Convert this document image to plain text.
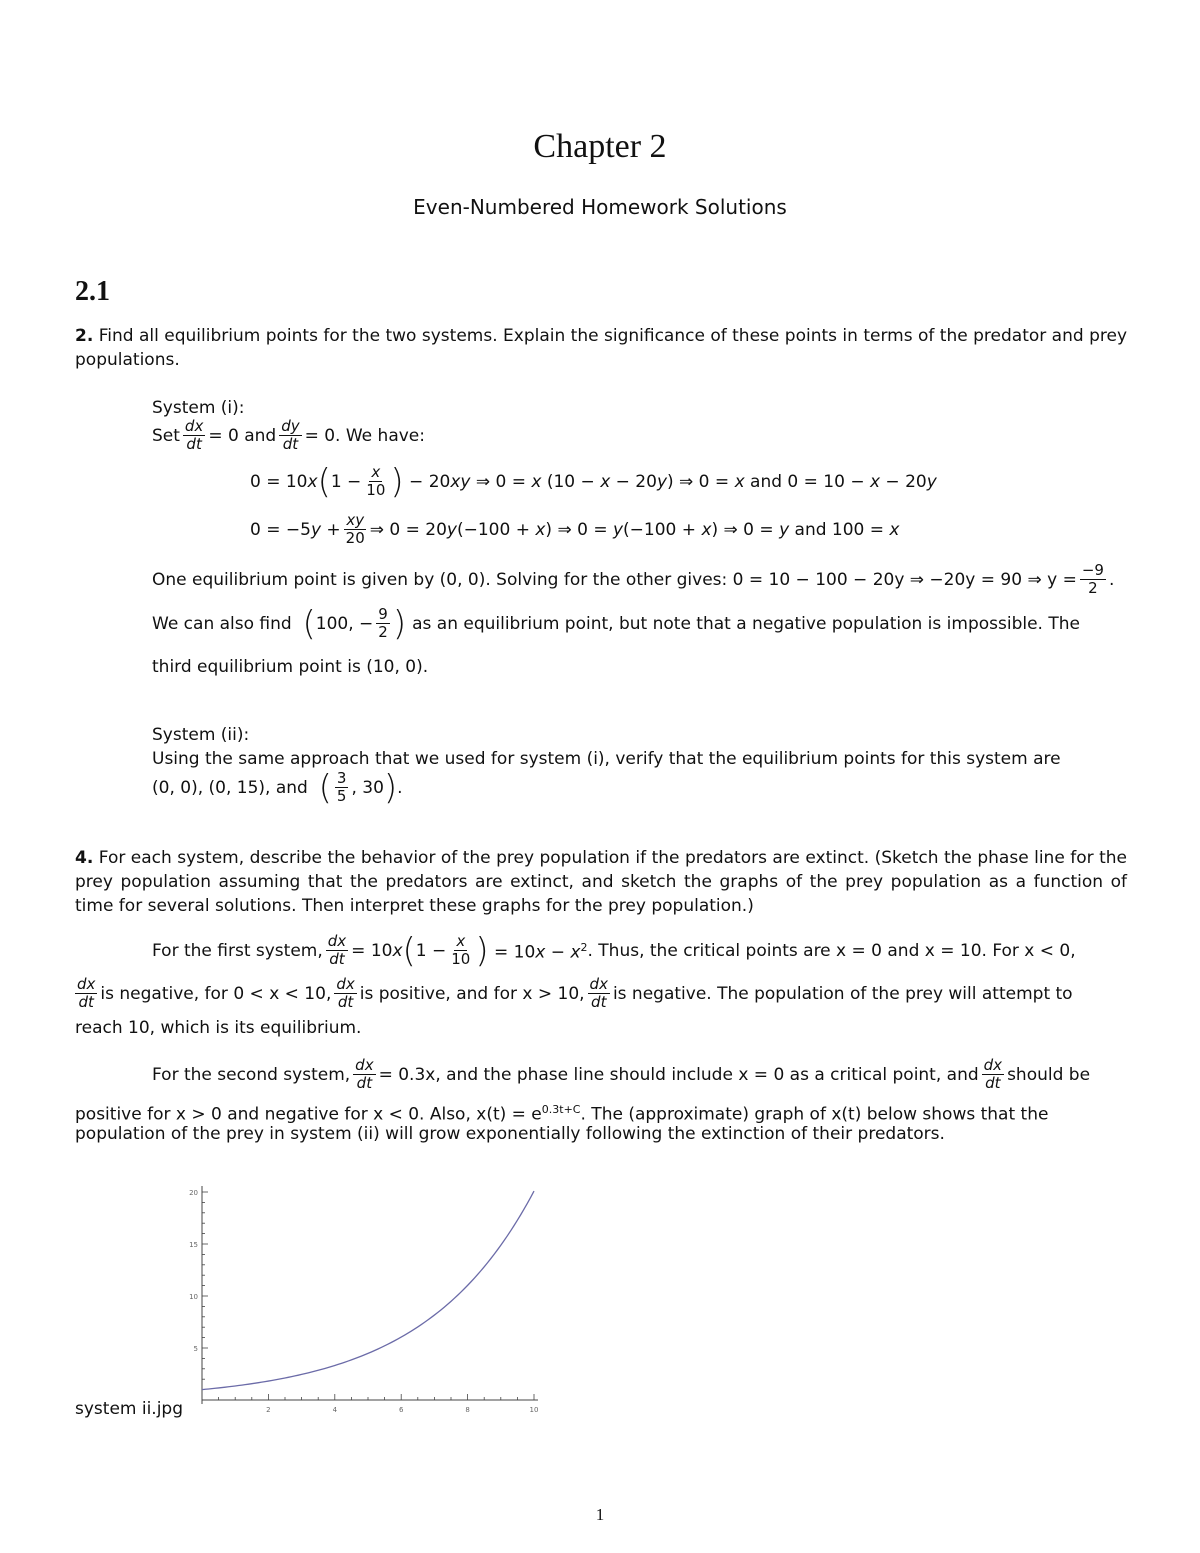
Chapter 2
Even-Numbered Homework Solutions
2.1
2. Find all equilibrium points for the two systems. Explain the significance of these points in terms of the predator and prey populations.
System (i):
Set $\frac{dx}{dt} = 0$ and $\frac{dy}{dt} = 0$. We have:
0 = 10x ( $1 - \frac{x}{10}$ ) − 20xy ⇒ 0 = x (10 − x − 20y) ⇒ 0 = x and 0 = 10 − x − 20y
$0 = -5y + \frac{xy}{20}$ ⇒ 0 = 20y(−100 + x) ⇒ 0 = y(−100 + x) ⇒ 0 = y and 100 = x
One equilibrium point is given by (0, 0). Solving for the other gives: 0 = 10 − 100 − 20y ⇒ −20y = 90 ⇒ $y = \frac{-9}{2}$ .
We can also find ( 100, − $\frac{9}{2}$ ) as an equilibrium point, but note that a negative population is impossible. The
third equilibrium point is (10, 0).
System (ii):
Using the same approach that we used for system (i), verify that the equilibrium points for this system are
(0, 0), (0, 15), and ( $\frac{3}{5}$ , 30 ) .
4. For each system, describe the behavior of the prey population if the predators are extinct. (Sketch the phase line for the prey population assuming that the predators are extinct, and sketch the graphs of the prey population as a function of time for several solutions. Then interpret these graphs for the prey population.)
For the first system, $\frac{dx}{dt} = 10x$ ( $1 - \frac{x}{10}$ ) = $10x - x^2$ . Thus, the critical points are x = 0 and x = 10. For x < 0,
$\frac{dx}{dt}$ is negative, for 0 < x < 10, $\frac{dx}{dt}$ is positive, and for x > 10, $\frac{dx}{dt}$ is negative. The population of the prey will attempt to
reach 10, which is its equilibrium.
For the second system, $\frac{dx}{dt} = 0.3x$, and the phase line should include x = 0 as a critical point, and $\frac{dx}{dt}$ should be
positive for x > 0 and negative for x < 0. Also, $x(t) = e^{0.3t+C}$. The (approximate) graph of x(t) below shows that the
population of the prey in system (ii) will grow exponentially following the extinction of their predators.
2	4	6	8	10
5
10
15
20
system ii.jpg
1
